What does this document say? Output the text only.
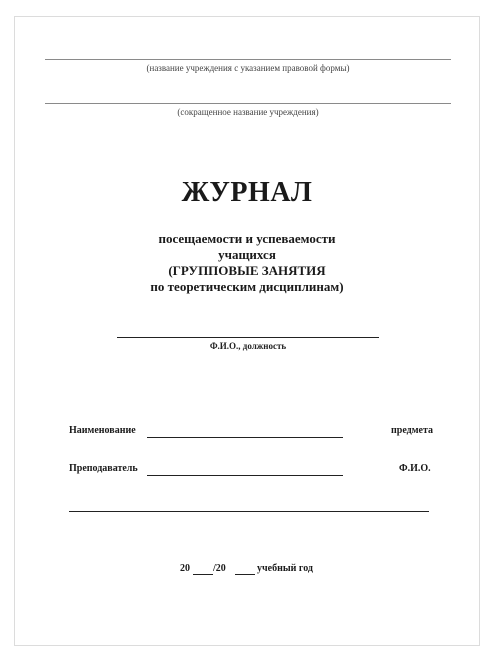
(название учреждения с указанием правовой формы)
(сокращенное название учреждения)
ЖУРНАЛ
посещаемости и успеваемости
учащихся
(ГРУППОВЫЕ ЗАНЯТИЯ
по теоретическим дисциплинам)
Ф.И.О., должность
Наименование	предмета
Преподаватель	Ф.И.О.
20 /20	учебный год
